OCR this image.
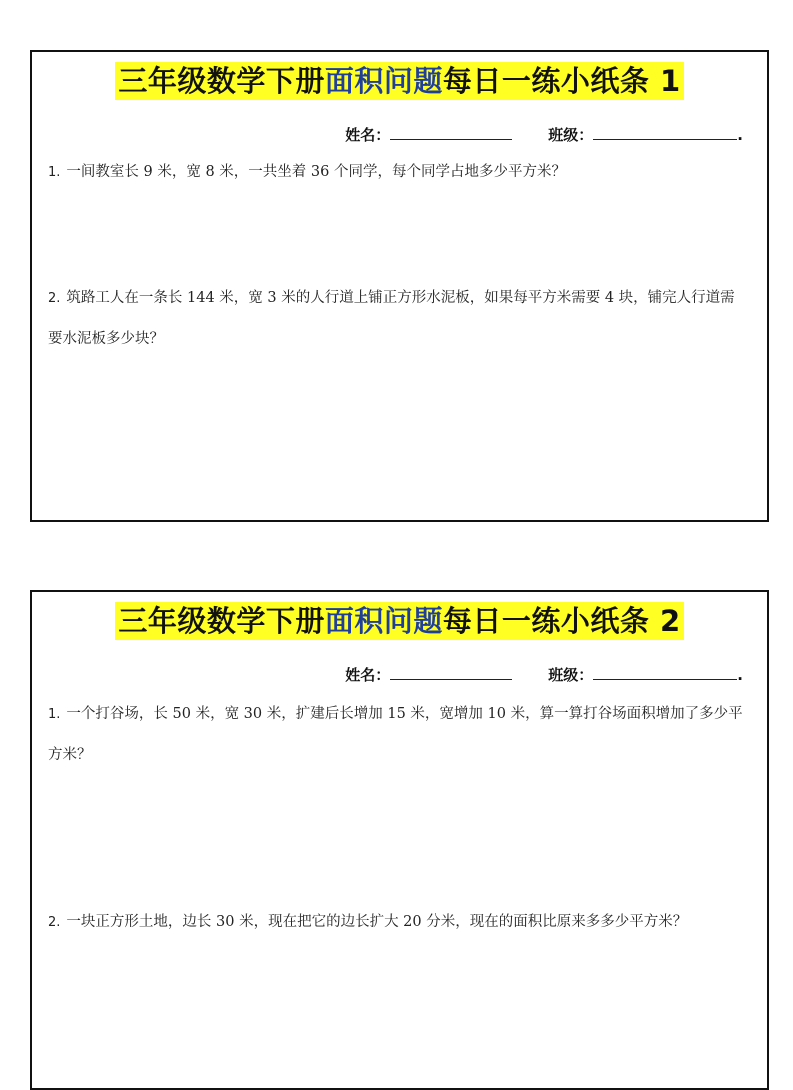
三年级数学下册面积问题每日一练小纸条 1
姓名：	班级：	.
1. 一间教室长 9 米，宽 8 米，一共坐着 36 个同学，每个同学占地多少平方米？
2. 筑路工人在一条长 144 米，宽 3 米的人行道上铺正方形水泥板，如果每平方米需要 4 块，铺完人行道需要水泥板多少块？
三年级数学下册面积问题每日一练小纸条 2
姓名：	班级：	.
1. 一个打谷场，长 50 米，宽 30 米，扩建后长增加 15 米，宽增加 10 米，算一算打谷场面积增加了多少平方米？
2. 一块正方形土地，边长 30 米，现在把它的边长扩大 20 分米，现在的面积比原来多多少平方米？
